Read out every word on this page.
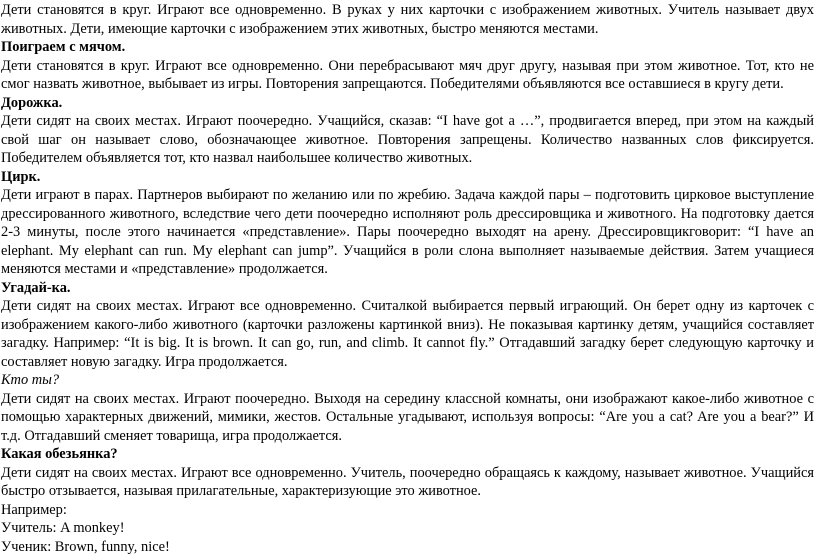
Дети становятся в круг. Играют все одновременно. В руках у них карточки с изображением животных. Учитель называет двух животных. Дети, имеющие карточки с изображением этих животных, быстро меняются местами.

Поиграем с мячом.

Дети становятся в круг. Играют все одновременно. Они перебрасывают мяч друг другу, называя при этом животное. Тот, кто не смог назвать животное, выбывает из игры. Повторения запрещаются. Победителями объявляются все оставшиеся в кругу дети.

Дорожка.

Дети сидят на своих местах. Играют поочередно. Учащийся, сказав: “I have got a …”, продвигается вперед, при этом на каждый свой шаг он называет слово, обозначающее животное. Повторения запрещены. Количество названных слов фиксируется. Победителем объявляется тот, кто назвал наибольшее количество животных.

Цирк.

Дети играют в парах. Партнеров выбирают по желанию или по жребию. Задача каждой пары – подготовить цирковое выступление дрессированного животного, вследствие чего дети поочередно исполняют роль дрессировщика и животного. На подготовку дается 2-3 минуты, после этого начинается «представление». Пары поочередно выходят на арену. Дрессировщикговорит: “I have an elephant. My elephant can run. My elephant can jump”. Учащийся в роли слона выполняет называемые действия. Затем учащиеся меняются местами и «представление» продолжается.

Угадай-ка.

Дети сидят на своих местах. Играют все одновременно. Считалкой выбирается первый играющий. Он берет одну из карточек с изображением какого-либо животного (карточки разложены картинкой вниз). Не показывая картинку детям, учащийся составляет загадку. Например: “It is big. It is brown. It can go, run, and climb. It cannot fly.” Отгадавший загадку берет следующую карточку и составляет новую загадку. Игра продолжается.

Кто ты?

Дети сидят на своих местах. Играют поочередно. Выходя на середину классной комнаты, они изображают какое-либо животное с помощью характерных движений, мимики, жестов. Остальные угадывают, используя вопросы: “Are you a cat? Are you a bear?” И т.д. Отгадавший сменяет товарища, игра продолжается.

Какая обезьянка?

Дети сидят на своих местах. Играют все одновременно. Учитель, поочередно обращаясь к каждому, называет животное. Учащийся быстро отзывается, называя прилагательные, характеризующие это животное.

Например:

Учитель: A monkey!

Ученик: Brown, funny, nice!
